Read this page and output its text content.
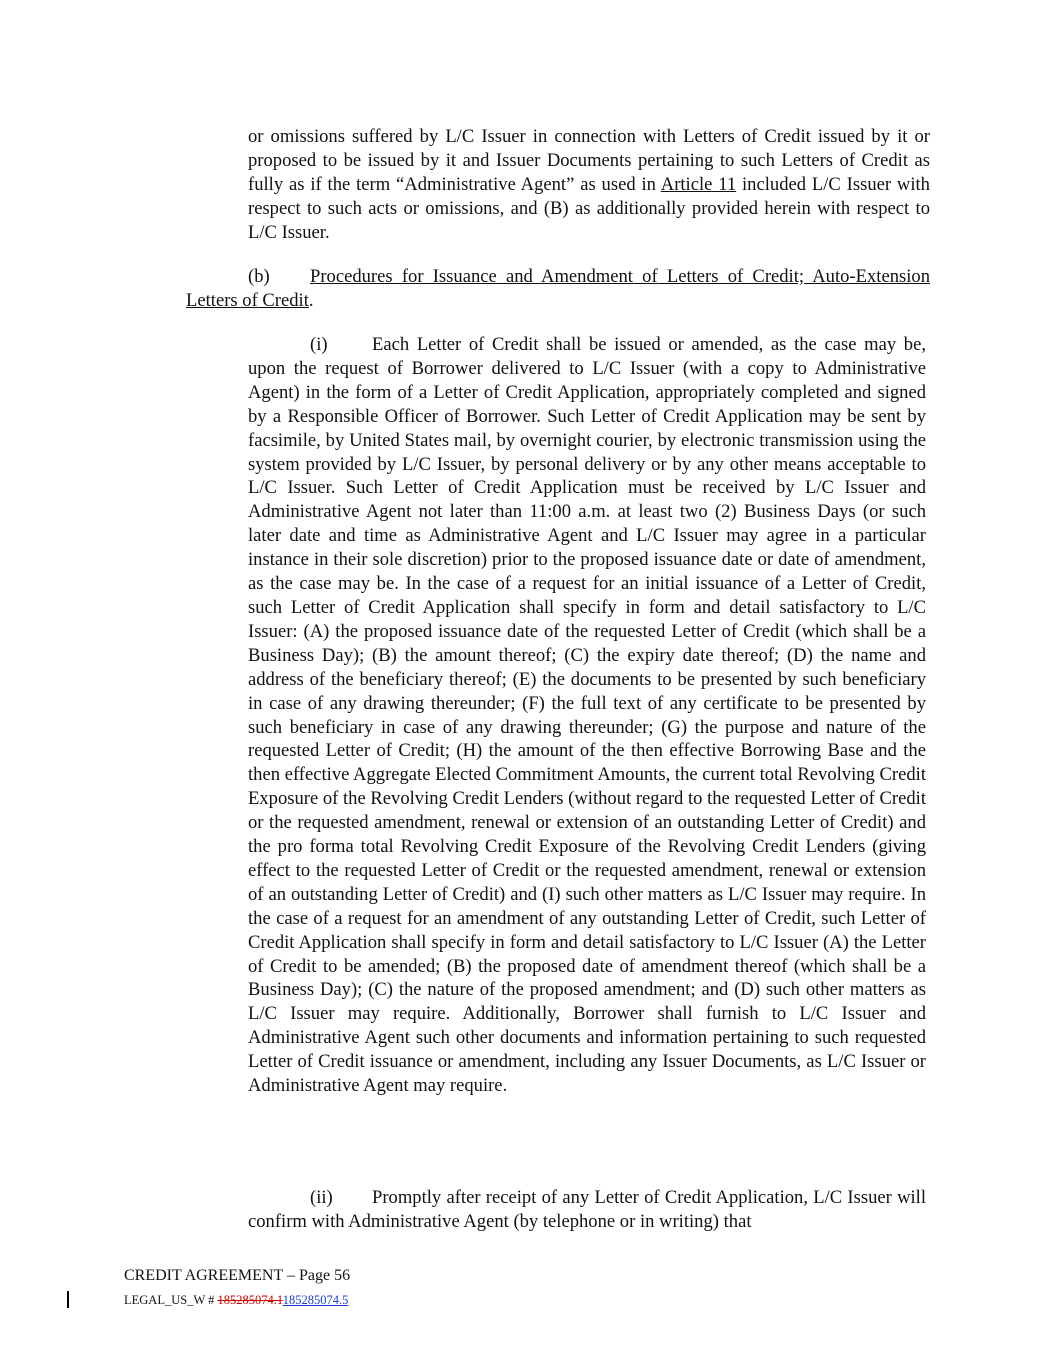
or omissions suffered by L/C Issuer in connection with Letters of Credit issued by it or proposed to be issued by it and Issuer Documents pertaining to such Letters of Credit as fully as if the term “Administrative Agent” as used in Article 11 included L/C Issuer with respect to such acts or omissions, and (B) as additionally provided herein with respect to L/C Issuer.

(b) Procedures for Issuance and Amendment of Letters of Credit; Auto-Extension Letters of Credit.

(i) Each Letter of Credit shall be issued or amended, as the case may be, upon the request of Borrower delivered to L/C Issuer (with a copy to Administrative Agent) in the form of a Letter of Credit Application, appropriately completed and signed by a Responsible Officer of Borrower. Such Letter of Credit Application may be sent by facsimile, by United States mail, by overnight courier, by electronic transmission using the system provided by L/C Issuer, by personal delivery or by any other means acceptable to L/C Issuer. Such Letter of Credit Application must be received by L/C Issuer and Administrative Agent not later than 11:00 a.m. at least two (2) Business Days (or such later date and time as Administrative Agent and L/C Issuer may agree in a particular instance in their sole discretion) prior to the proposed issuance date or date of amendment, as the case may be. In the case of a request for an initial issuance of a Letter of Credit, such Letter of Credit Application shall specify in form and detail satisfactory to L/C Issuer: (A) the proposed issuance date of the requested Letter of Credit (which shall be a Business Day); (B) the amount thereof; (C) the expiry date thereof; (D) the name and address of the beneficiary thereof; (E) the documents to be presented by such beneficiary in case of any drawing thereunder; (F) the full text of any certificate to be presented by such beneficiary in case of any drawing thereunder; (G) the purpose and nature of the requested Letter of Credit; (H) the amount of the then effective Borrowing Base and the then effective Aggregate Elected Commitment Amounts, the current total Revolving Credit Exposure of the Revolving Credit Lenders (without regard to the requested Letter of Credit or the requested amendment, renewal or extension of an outstanding Letter of Credit) and the pro forma total Revolving Credit Exposure of the Revolving Credit Lenders (giving effect to the requested Letter of Credit or the requested amendment, renewal or extension of an outstanding Letter of Credit) and (I) such other matters as L/C Issuer may require. In the case of a request for an amendment of any outstanding Letter of Credit, such Letter of Credit Application shall specify in form and detail satisfactory to L/C Issuer (A) the Letter of Credit to be amended; (B) the proposed date of amendment thereof (which shall be a Business Day); (C) the nature of the proposed amendment; and (D) such other matters as L/C Issuer may require. Additionally, Borrower shall furnish to L/C Issuer and Administrative Agent such other documents and information pertaining to such requested Letter of Credit issuance or amendment, including any Issuer Documents, as L/C Issuer or Administrative Agent may require.

(ii) Promptly after receipt of any Letter of Credit Application, L/C Issuer will confirm with Administrative Agent (by telephone or in writing) that

CREDIT AGREEMENT – Page 56
LEGAL_US_W # 185285074.1185285074.5
